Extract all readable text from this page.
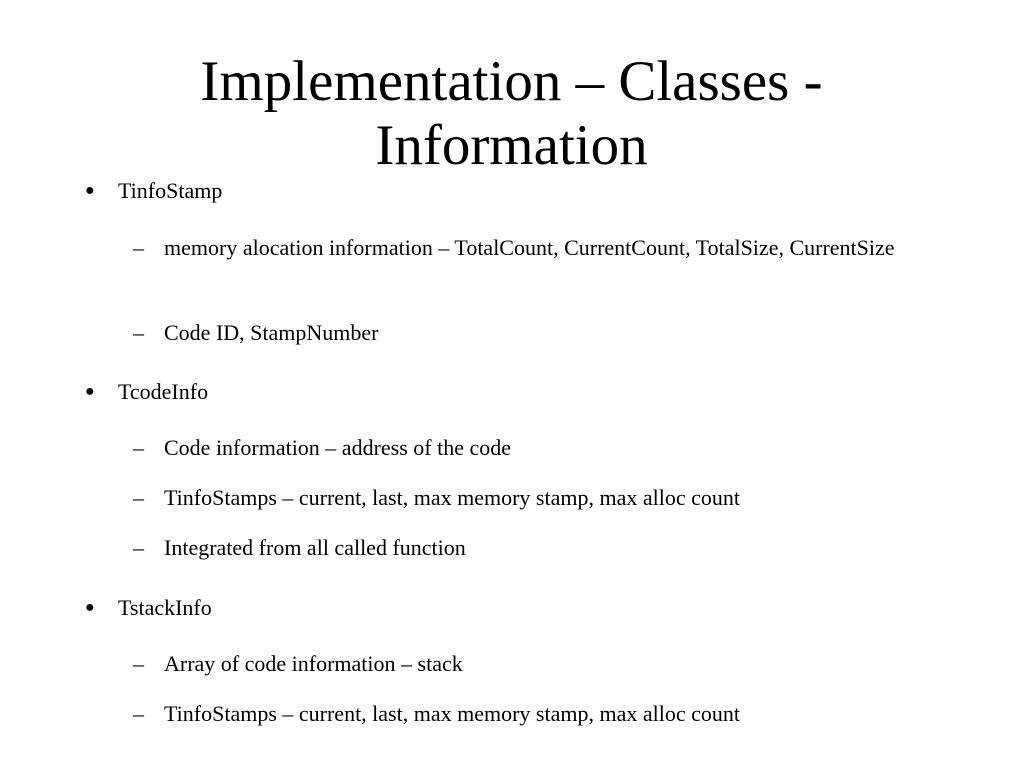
Implementation – Classes -
Information
● TinfoStamp
– memory alocation information – TotalCount, CurrentCount, TotalSize, CurrentSize
– Code ID, StampNumber
● TcodeInfo
– Code information – address of the code
– TinfoStamps – current, last, max memory stamp, max alloc count
– Integrated from all called function
● TstackInfo
– Array of code information – stack
– TinfoStamps – current, last, max memory stamp, max alloc count
